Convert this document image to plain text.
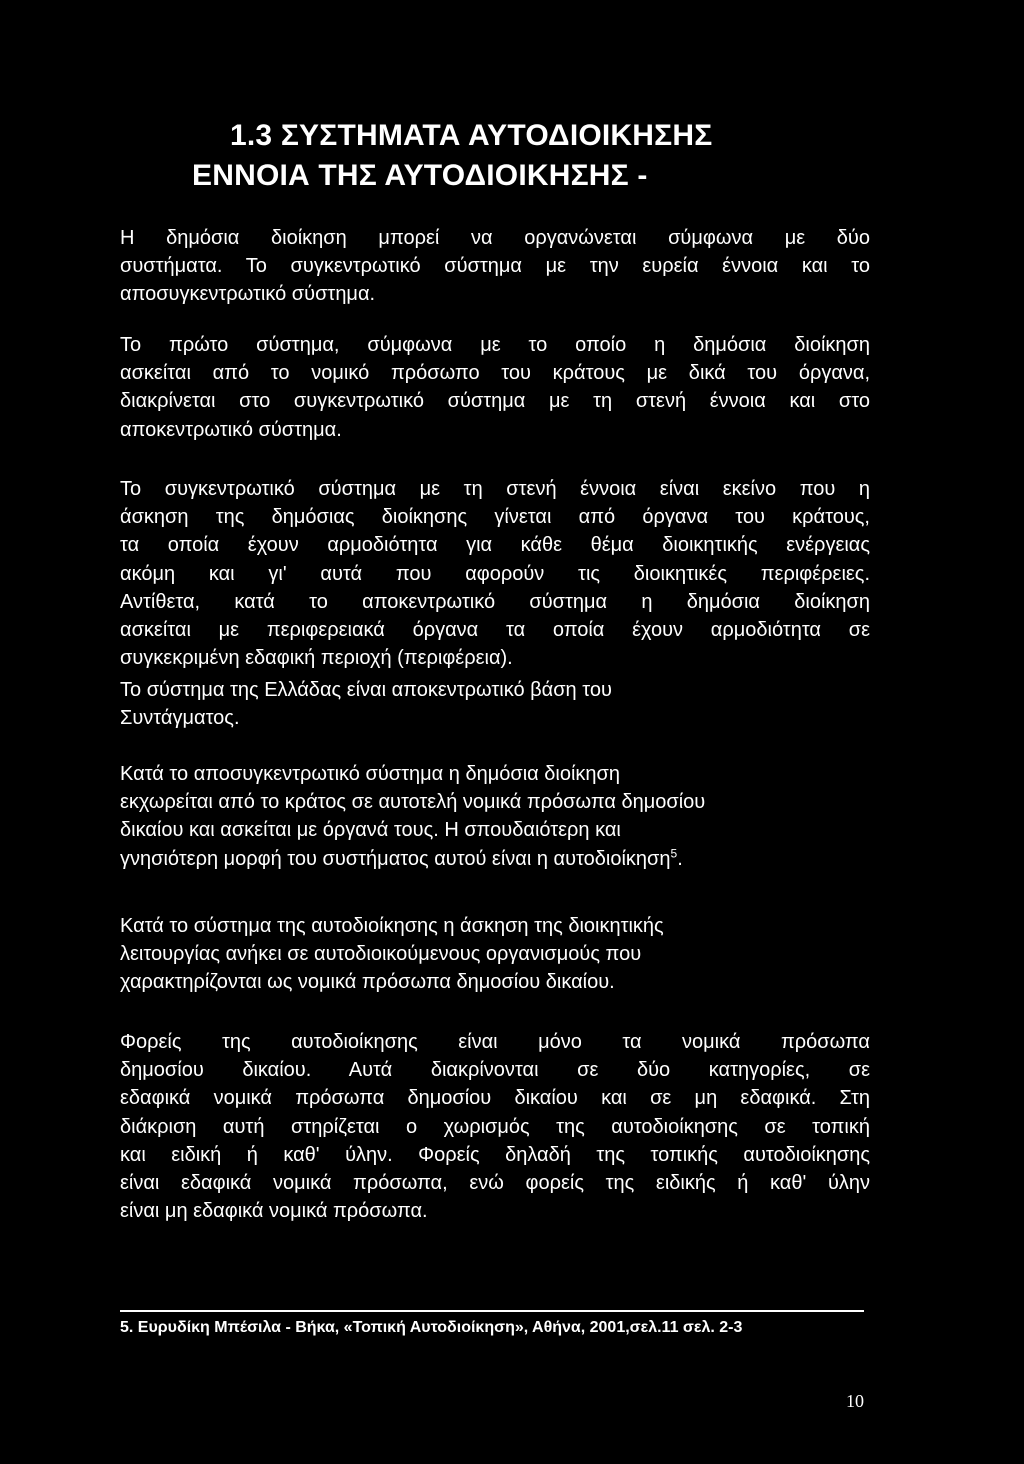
1.3 ΣΥΣΤΗΜΑΤΑ ΑΥΤΟΔΙΟΙΚΗΣΗΣ
ΕΝΝΟΙΑ ΤΗΣ ΑΥΤΟΔΙΟΙΚΗΣΗΣ -

Η δημόσια διοίκηση μπορεί να οργανώνεται σύμφωνα με δύο
συστήματα. Το συγκεντρωτικό σύστημα με την ευρεία έννοια και το
αποσυγκεντρωτικό σύστημα.

Το πρώτο σύστημα, σύμφωνα με το οποίο η δημόσια διοίκηση
ασκείται από το νομικό πρόσωπο του κράτους με δικά του όργανα,
διακρίνεται στο συγκεντρωτικό σύστημα με τη στενή έννοια και στο
αποκεντρωτικό σύστημα.

Το συγκεντρωτικό σύστημα με τη στενή έννοια είναι εκείνο που η
άσκηση της δημόσιας διοίκησης γίνεται από όργανα του κράτους,
τα οποία έχουν αρμοδιότητα για κάθε θέμα διοικητικής ενέργειας
ακόμη και γι' αυτά που αφορούν τις διοικητικές περιφέρειες.
Αντίθετα, κατά το αποκεντρωτικό σύστημα η δημόσια διοίκηση
ασκείται με περιφερειακά όργανα τα οποία έχουν αρμοδιότητα σε
συγκεκριμένη εδαφική περιοχή (περιφέρεια).

Το σύστημα της Ελλάδας είναι αποκεντρωτικό βάση του
Συντάγματος.

Κατά το αποσυγκεντρωτικό σύστημα η δημόσια διοίκηση
εκχωρείται από το κράτος σε αυτοτελή νομικά πρόσωπα δημοσίου
δικαίου και ασκείται με όργανά τους. Η σπουδαιότερη και
γνησιότερη μορφή του συστήματος αυτού είναι η αυτοδιοίκηση$^5$.

Κατά το σύστημα της αυτοδιοίκησης η άσκηση της διοικητικής
λειτουργίας ανήκει σε αυτοδιοικούμενους οργανισμούς που
χαρακτηρίζονται ως νομικά πρόσωπα δημοσίου δικαίου.

Φορείς της αυτοδιοίκησης είναι μόνο τα νομικά πρόσωπα
δημοσίου δικαίου. Αυτά διακρίνονται σε δύο κατηγορίες, σε
εδαφικά νομικά πρόσωπα δημοσίου δικαίου και σε μη εδαφικά. Στη
διάκριση αυτή στηρίζεται ο χωρισμός της αυτοδιοίκησης σε τοπική
και ειδική ή καθ' ύλην. Φορείς δηλαδή της τοπικής αυτοδιοίκησης
είναι εδαφικά νομικά πρόσωπα, ενώ φορείς της ειδικής ή καθ' ύλην
είναι μη εδαφικά νομικά πρόσωπα.

5. Ευρυδίκη Μπέσιλα - Βήκα, «Τοπική Αυτοδιοίκηση», Αθήνα, 2001,σελ.11 σελ. 2-3

10
